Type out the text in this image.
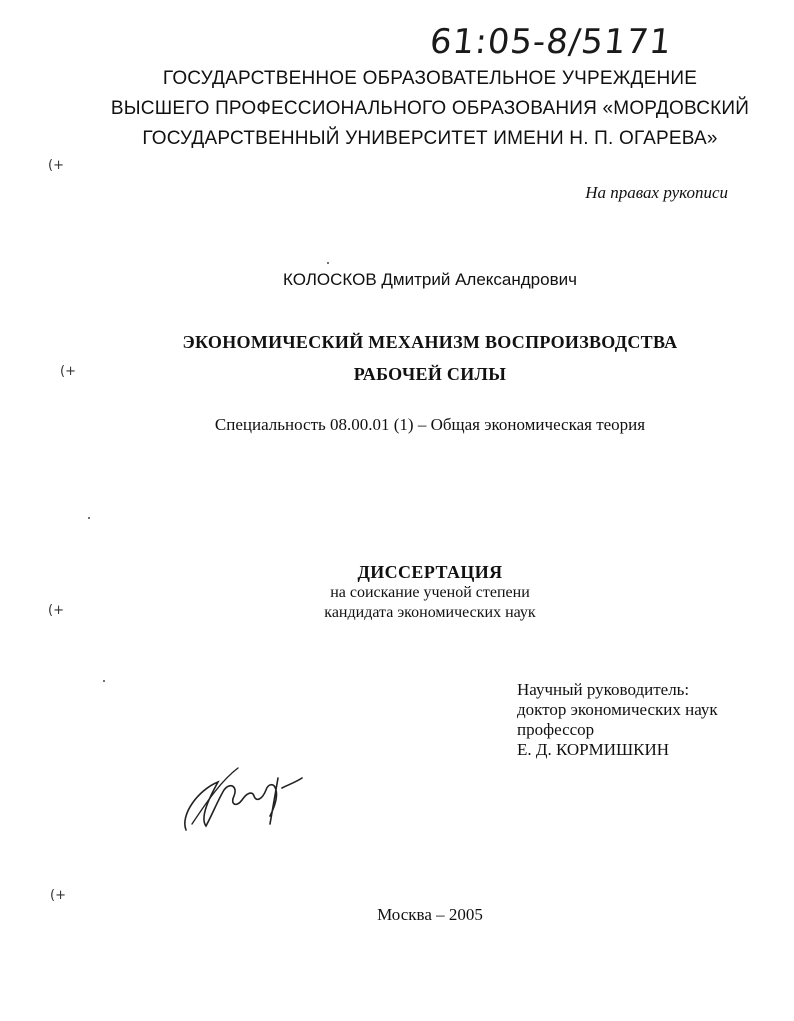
61:05-8/5171
ГОСУДАРСТВЕННОЕ ОБРАЗОВАТЕЛЬНОЕ УЧРЕЖДЕНИЕ
ВЫСШЕГО ПРОФЕССИОНАЛЬНОГО ОБРАЗОВАНИЯ «МОРДОВСКИЙ
ГОСУДАРСТВЕННЫЙ УНИВЕРСИТЕТ ИМЕНИ Н. П. ОГАРЕВА»
На правах рукописи
КОЛОСКОВ Дмитрий Александрович
ЭКОНОМИЧЕСКИЙ МЕХАНИЗМ ВОСПРОИЗВОДСТВА
РАБОЧЕЙ СИЛЫ
Специальность 08.00.01 (1) – Общая экономическая теория
ДИССЕРТАЦИЯ
на соискание ученой степени
кандидата экономических наук
Научный руководитель:
доктор экономических наук
профессор
Е. Д. КОРМИШКИН
Москва – 2005
(+
(+
(+
(+
